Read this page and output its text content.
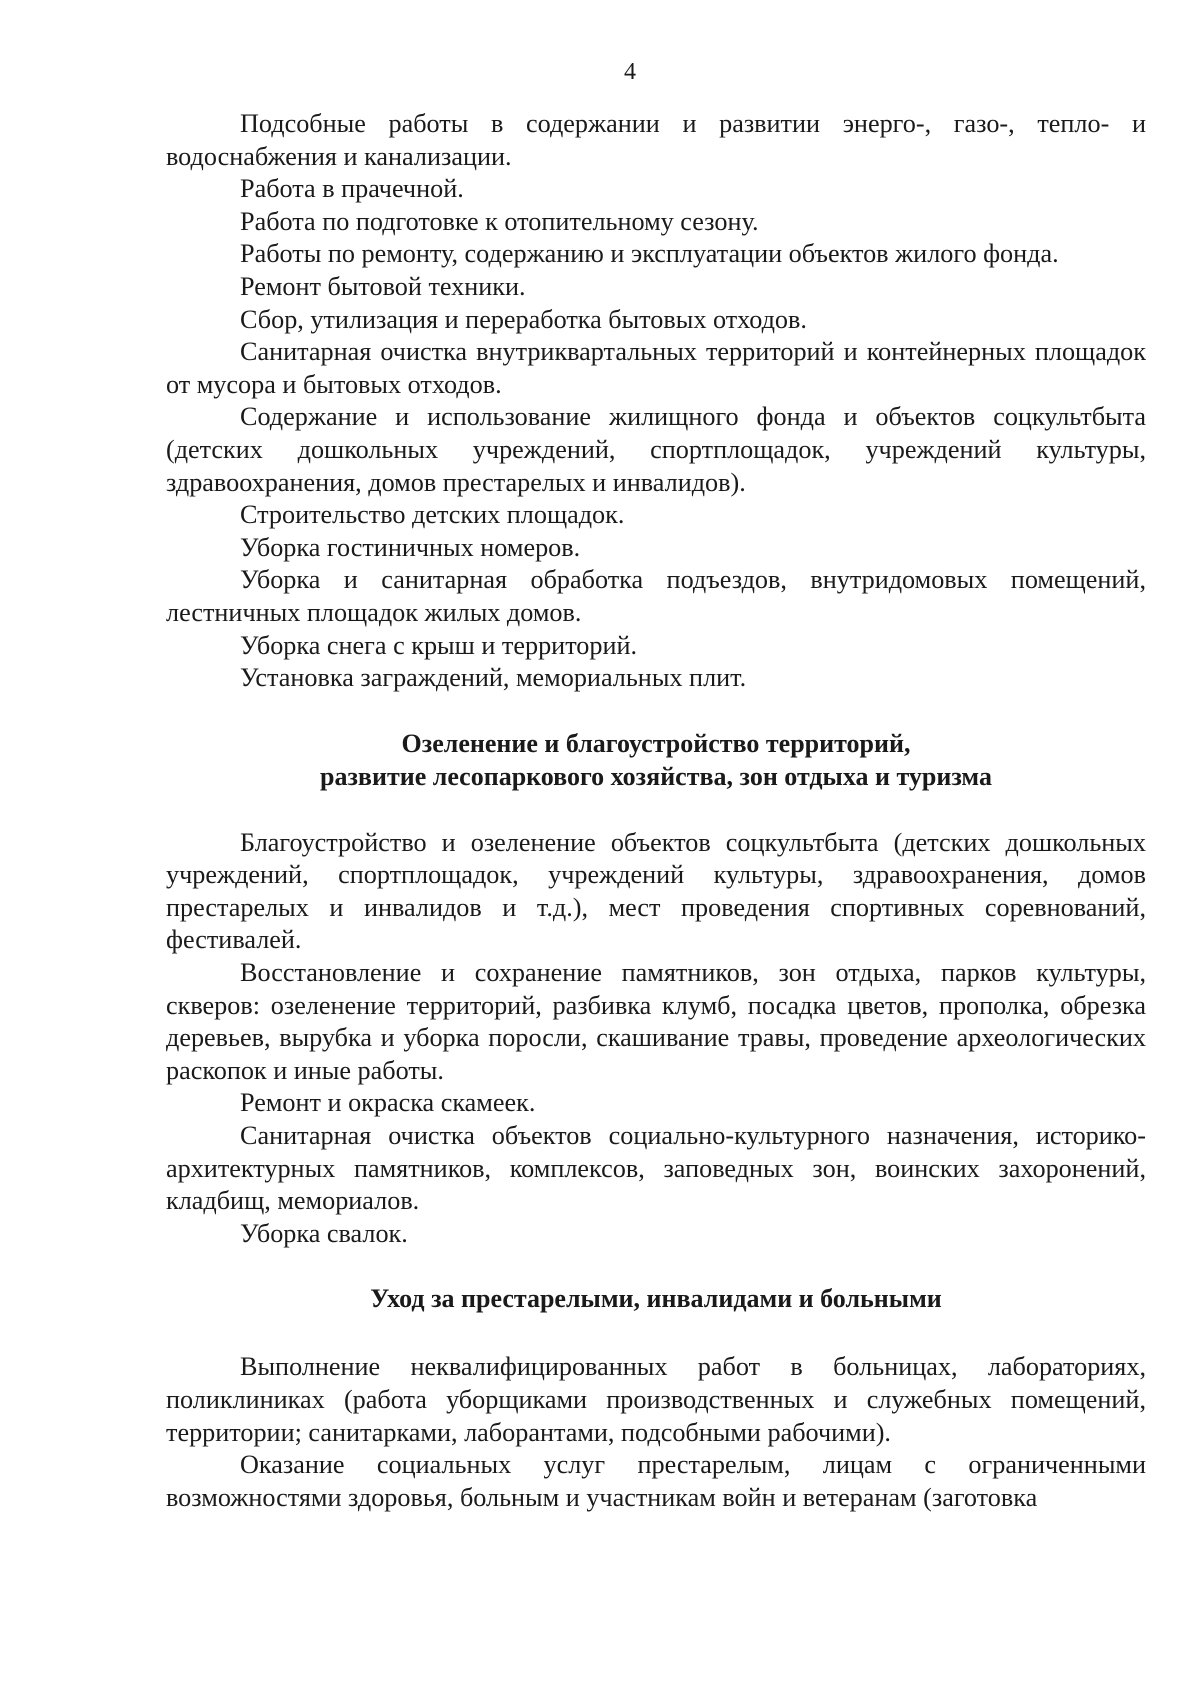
4

Подсобные работы в содержании и развитии энерго-, газо-, тепло- и водоснабжения и канализации.

Работа в прачечной.

Работа по подготовке к отопительному сезону.

Работы по ремонту, содержанию и эксплуатации объектов жилого фонда.

Ремонт бытовой техники.

Сбор, утилизация и переработка бытовых отходов.

Санитарная очистка внутриквартальных территорий и контейнерных площадок от мусора и бытовых отходов.

Содержание и использование жилищного фонда и объектов соцкультбыта (детских дошкольных учреждений, спортплощадок, учреждений культуры, здравоохранения, домов престарелых и инвалидов).

Строительство детских площадок.

Уборка гостиничных номеров.

Уборка и санитарная обработка подъездов, внутридомовых помещений, лестничных площадок жилых домов.

Уборка снега с крыш и территорий.

Установка заграждений, мемориальных плит.

Озеленение и благоустройство территорий,
развитие лесопаркового хозяйства, зон отдыха и туризма

Благоустройство и озеленение объектов соцкультбыта (детских дошкольных учреждений, спортплощадок, учреждений культуры, здравоохранения, домов престарелых и инвалидов и т.д.), мест проведения спортивных соревнований, фестивалей.

Восстановление и сохранение памятников, зон отдыха, парков культуры, скверов: озеленение территорий, разбивка клумб, посадка цветов, прополка, обрезка деревьев, вырубка и уборка поросли, скашивание травы, проведение археологических раскопок и иные работы.

Ремонт и окраска скамеек.

Санитарная очистка объектов социально-культурного назначения, историко-архитектурных памятников, комплексов, заповедных зон, воинских захоронений, кладбищ, мемориалов.

Уборка свалок.

Уход за престарелыми, инвалидами и больными

Выполнение неквалифицированных работ в больницах, лабораториях, поликлиниках (работа уборщиками производственных и служебных помещений, территории; санитарками, лаборантами, подсобными рабочими).

Оказание социальных услуг престарелым, лицам с ограниченными возможностями здоровья, больным и участникам войн и ветеранам (заготовка
